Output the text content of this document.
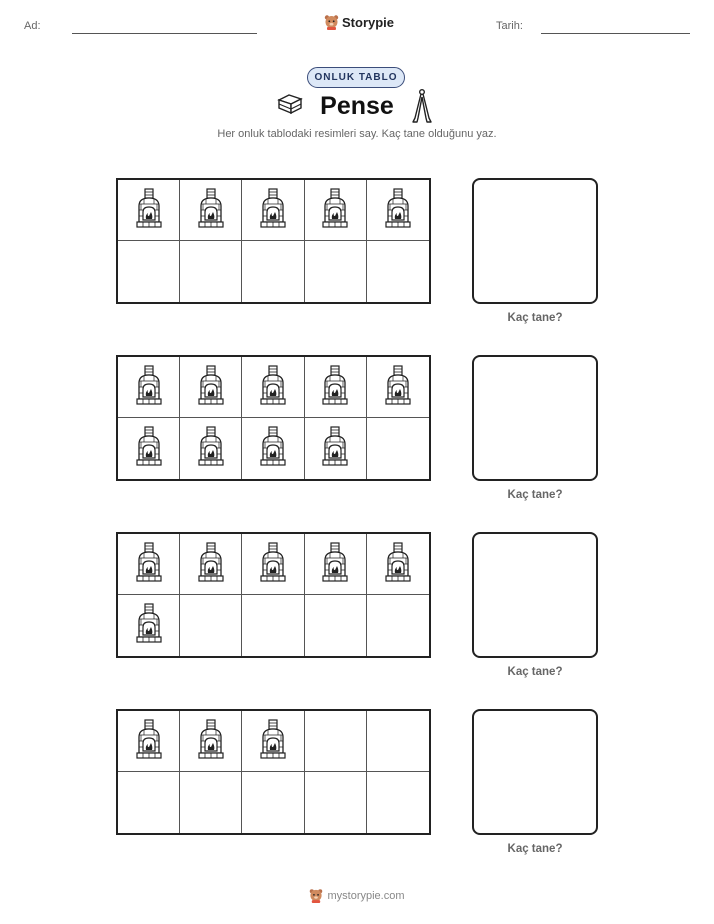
Ad:	Storypie	Tarih:
ONLUK TABLO
Pense
Her onluk tablodaki resimleri say. Kaç tane olduğunu yaz.
Kaç tane?
Kaç tane?
Kaç tane?
Kaç tane?
mystorypie.com
